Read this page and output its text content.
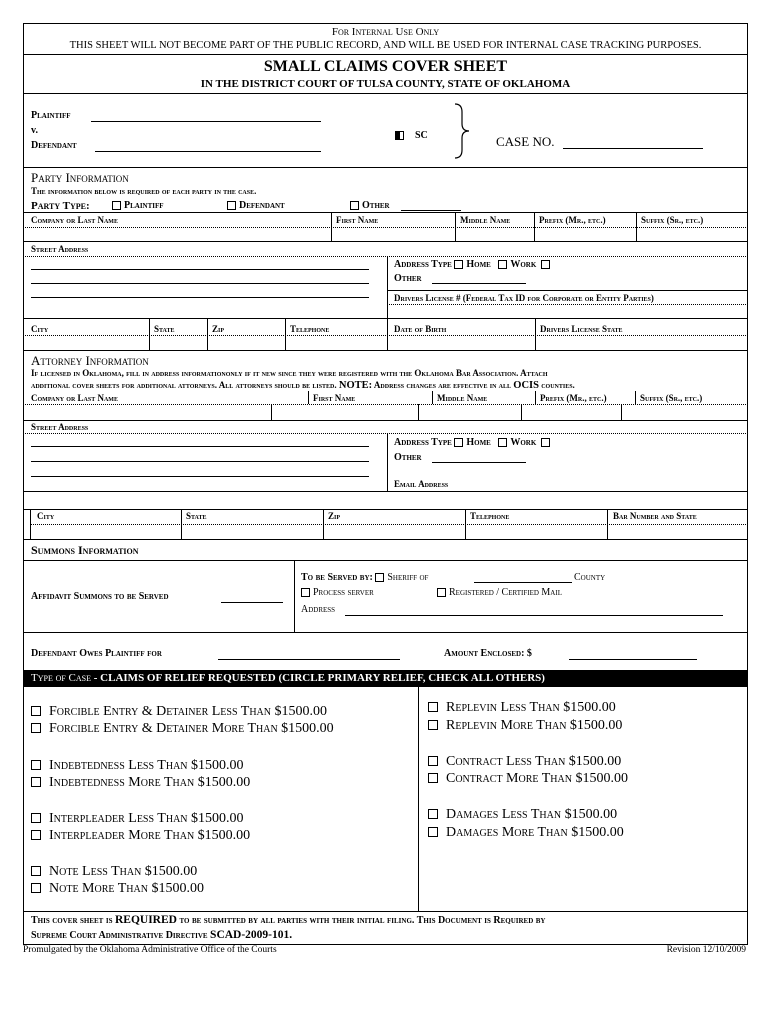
For Internal Use Only
THIS SHEET WILL NOT BECOME PART OF THE PUBLIC RECORD, AND WILL BE USED FOR INTERNAL CASE TRACKING PURPOSES.
SMALL CLAIMS COVER SHEET
IN THE DISTRICT COURT OF TULSA COUNTY, STATE OF OKLAHOMA
Plaintiff
v.
Defendant
SC	CASE NO.
Party Information
The information below is required of each party in the case.
Party Type:	Plaintiff	Defendant	Other
Company or Last Name	First Name	Middle Name	Prefix (Mr., etc.)	Suffix (Sr., etc.)
Street Address
Address Type Home Work
Other
Drivers License # (Federal Tax ID for Corporate or Entity Parties)
City	State	Zip	Telephone	Date of Birth	Drivers License State
Attorney Information
If licensed in Oklahoma, fill in address informationonly if it new since they were registered with the Oklahoma Bar Association. Attach
additional cover sheets for additional attorneys. All attorneys should be listed. NOTE: Address changes are effective in all OCIS counties.
Company or Last Name	First Name	Middle Name	Prefix (Mr., etc.)	Suffix (Sr., etc.)
Street Address
Address Type Home Work
Other
Email Address
City	State	Zip	Telephone	Bar Number and State
Summons Information
Affidavit Summons to be Served
To be Served by: Sheriff of	County
Process server	Registered / Certified Mail
Address
Defendant Owes Plaintiff for	Amount Enclosed: $
Type of Case - CLAIMS OF RELIEF REQUESTED (CIRCLE PRIMARY RELIEF, CHECK ALL OTHERS)
Forcible Entry & Detainer Less Than $1500.00
Forcible Entry & Detainer More Than $1500.00
Indebtedness Less Than $1500.00
Indebtedness More Than $1500.00
Interpleader Less Than $1500.00
Interpleader More Than $1500.00
Note Less Than $1500.00
Note More Than $1500.00
Replevin Less Than $1500.00
Replevin More Than $1500.00
Contract Less Than $1500.00
Contract More Than $1500.00
Damages Less Than $1500.00
Damages More Than $1500.00
This cover sheet is REQUIRED to be submitted by all parties with their initial filing. This Document is Required by
Supreme Court Administrative Directive SCAD-2009-101.
Promulgated by the Oklahoma Administrative Office of the Courts	Revision 12/10/2009
